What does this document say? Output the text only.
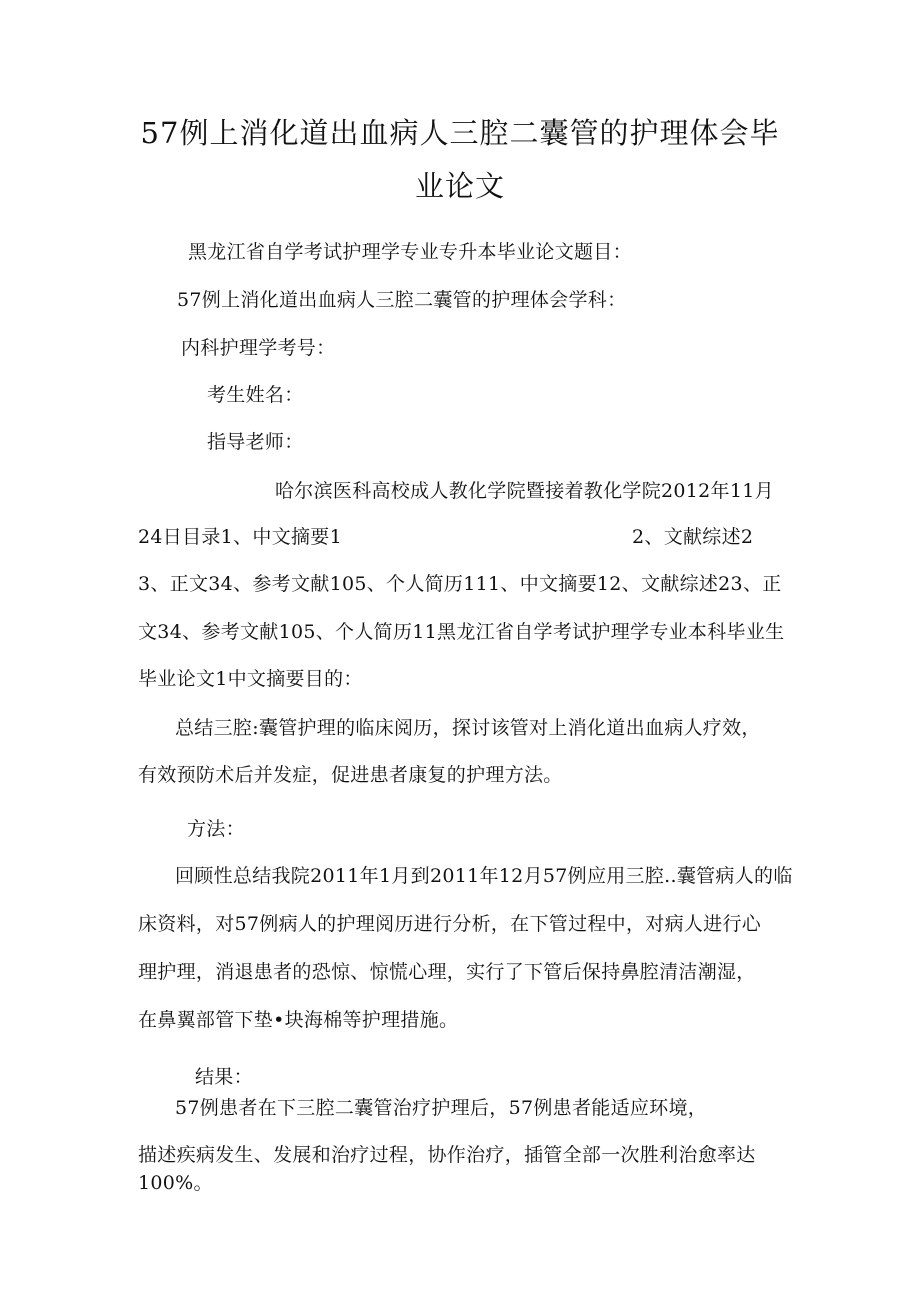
57例上消化道出血病人三腔二囊管的护理体会毕
业论文
黑龙江省自学考试护理学专业专升本毕业论文题目：
57例上消化道出血病人三腔二囊管的护理体会学科：
内科护理学考号：
考生姓名：
指导老师：
哈尔滨医科高校成人教化学院暨接着教化学院2012年11月
24日目录1、中文摘要1	2、文献综述2
3、正文34、参考文献105、个人简历111、中文摘要12、文献综述23、正
文34、参考文献105、个人简历11黑龙江省自学考试护理学专业本科毕业生
毕业论文1中文摘要目的：
总结三腔:囊管护理的临床阅历，探讨该管对上消化道出血病人疗效，
有效预防术后并发症，促进患者康复的护理方法。
方法：
回顾性总结我院2011年1月到2011年12月57例应用三腔..囊管病人的临
床资料，对57例病人的护理阅历进行分析，在下管过程中，对病人进行心
理护理，消退患者的恐惊、惊慌心理，实行了下管后保持鼻腔清洁潮湿，
在鼻翼部管下垫•块海棉等护理措施。
结果：
57例患者在下三腔二囊管治疗护理后，57例患者能适应环境，
描述疾病发生、发展和治疗过程，协作治疗，插管全部一次胜利治愈率达
100%。
